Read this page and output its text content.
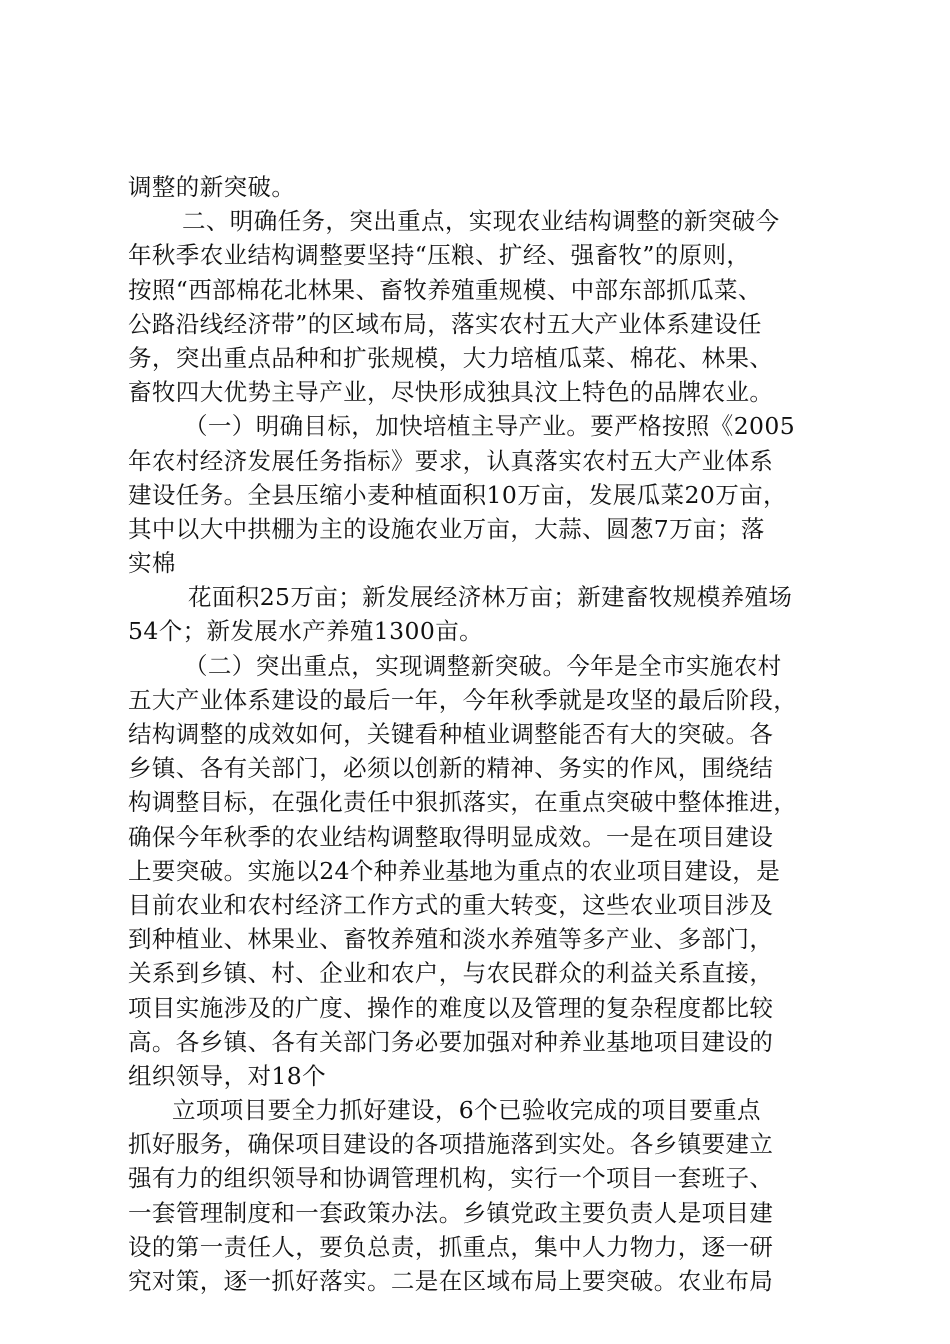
调整的新突破。
二、明确任务，突出重点，实现农业结构调整的新突破今
年秋季农业结构调整要坚持“压粮、扩经、强畜牧”的原则，
按照“西部棉花北林果、畜牧养殖重规模、中部东部抓瓜菜、
公路沿线经济带”的区域布局，落实农村五大产业体系建设任
务，突出重点品种和扩张规模，大力培植瓜菜、棉花、林果、
畜牧四大优势主导产业，尽快形成独具汶上特色的品牌农业。
（一）明确目标，加快培植主导产业。要严格按照《2005
年农村经济发展任务指标》要求，认真落实农村五大产业体系
建设任务。全县压缩小麦种植面积10万亩，发展瓜菜20万亩，
其中以大中拱棚为主的设施农业万亩，大蒜、圆葱7万亩；落
实棉
花面积25万亩；新发展经济林万亩；新建畜牧规模养殖场
54个；新发展水产养殖1300亩。
（二）突出重点，实现调整新突破。今年是全市实施农村
五大产业体系建设的最后一年，今年秋季就是攻坚的最后阶段，
结构调整的成效如何，关键看种植业调整能否有大的突破。各
乡镇、各有关部门，必须以创新的精神、务实的作风，围绕结
构调整目标，在强化责任中狠抓落实，在重点突破中整体推进，
确保今年秋季的农业结构调整取得明显成效。一是在项目建设
上要突破。实施以24个种养业基地为重点的农业项目建设，是
目前农业和农村经济工作方式的重大转变，这些农业项目涉及
到种植业、林果业、畜牧养殖和淡水养殖等多产业、多部门，
关系到乡镇、村、企业和农户，与农民群众的利益关系直接，
项目实施涉及的广度、操作的难度以及管理的复杂程度都比较
高。各乡镇、各有关部门务必要加强对种养业基地项目建设的
组织领导，对18个
立项项目要全力抓好建设，6个已验收完成的项目要重点
抓好服务，确保项目建设的各项措施落到实处。各乡镇要建立
强有力的组织领导和协调管理机构，实行一个项目一套班子、
一套管理制度和一套政策办法。乡镇党政主要负责人是项目建
设的第一责任人，要负总责，抓重点，集中人力物力，逐一研
究对策，逐一抓好落实。二是在区域布局上要突破。农业布局
